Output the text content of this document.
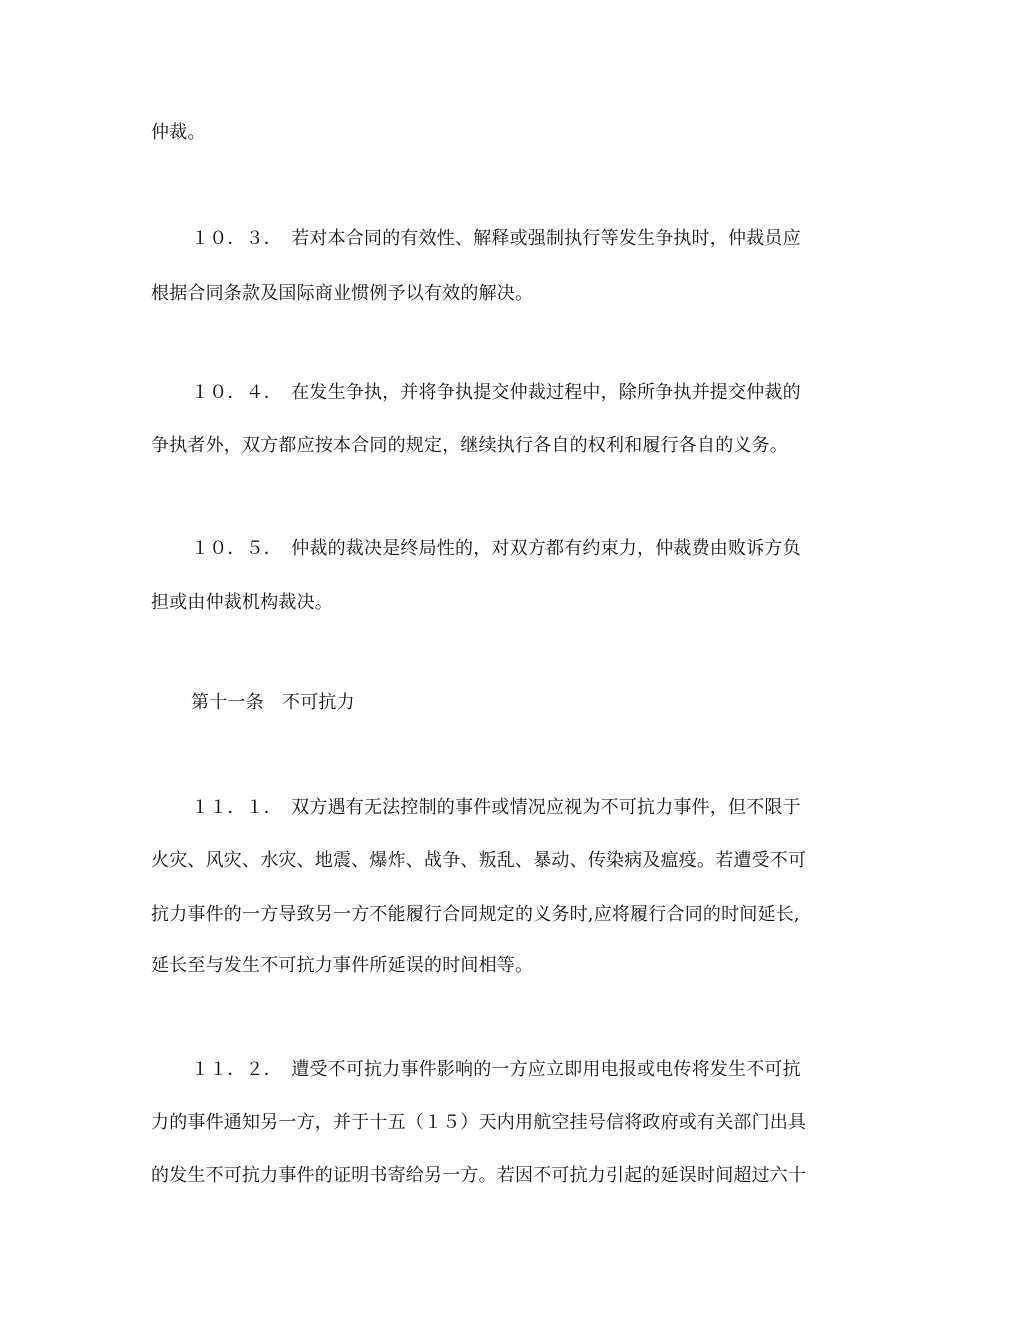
仲裁。
１０．３．　若对本合同的有效性、解释或强制执行等发生争执时，仲裁员应
根据合同条款及国际商业惯例予以有效的解决。
１０．４．　在发生争执，并将争执提交仲裁过程中，除所争执并提交仲裁的
争执者外，双方都应按本合同的规定，继续执行各自的权利和履行各自的义务。
１０．５．　仲裁的裁决是终局性的，对双方都有约束力，仲裁费由败诉方负
担或由仲裁机构裁决。
第十一条　不可抗力
１１．１．　双方遇有无法控制的事件或情况应视为不可抗力事件，但不限于
火灾、风灾、水灾、地震、爆炸、战争、叛乱、暴动、传染病及瘟疫。若遭受不可
抗力事件的一方导致另一方不能履行合同规定的义务时,应将履行合同的时间延长,
延长至与发生不可抗力事件所延误的时间相等。
１１．２．　遭受不可抗力事件影响的一方应立即用电报或电传将发生不可抗
力的事件通知另一方，并于十五（１５）天内用航空挂号信将政府或有关部门出具
的发生不可抗力事件的证明书寄给另一方。若因不可抗力引起的延误时间超过六十
